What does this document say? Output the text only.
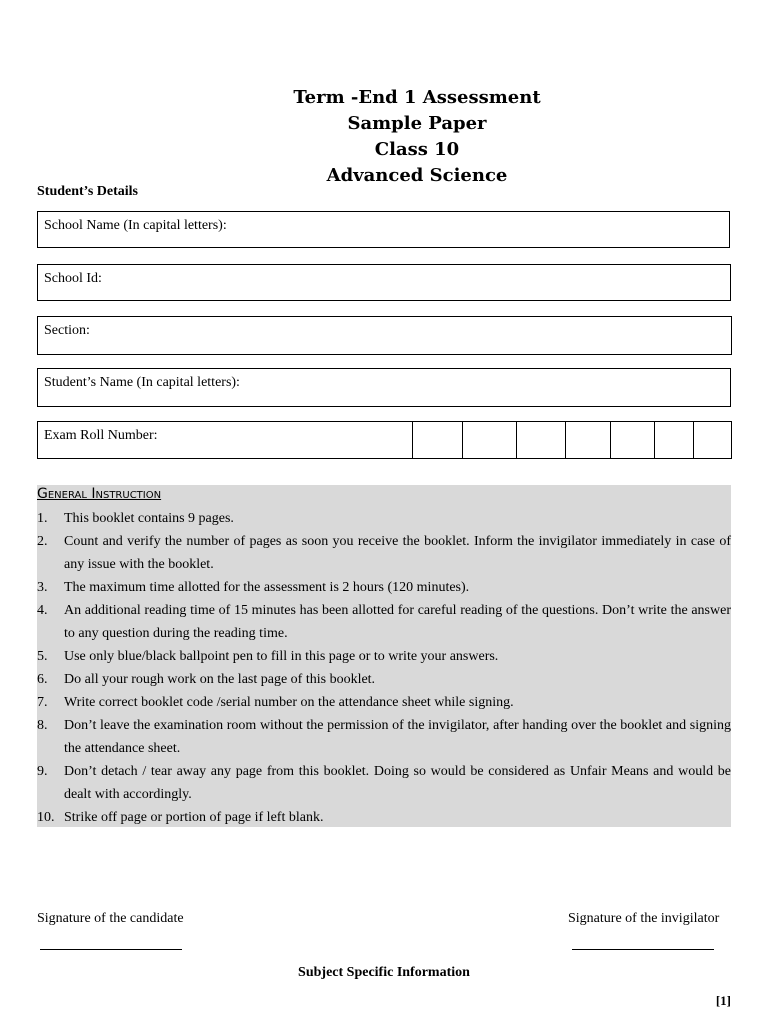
Term -End 1 Assessment
Sample Paper
Class 10
Advanced Science
Student’s Details
School Name (In capital letters):
School Id:
Section:
Student’s Name (In capital letters):
Exam Roll Number:
General Instruction
1. This booklet contains 9 pages.
2. Count and verify the number of pages as soon you receive the booklet. Inform the invigilator immediately in case of any issue with the booklet.
3. The maximum time allotted for the assessment is 2 hours (120 minutes).
4. An additional reading time of 15 minutes has been allotted for careful reading of the questions. Don’t write the answer to any question during the reading time.
5. Use only blue/black ballpoint pen to fill in this page or to write your answers.
6. Do all your rough work on the last page of this booklet.
7. Write correct booklet code /serial number on the attendance sheet while signing.
8. Don’t leave the examination room without the permission of the invigilator, after handing over the booklet and signing the attendance sheet.
9. Don’t detach / tear away any page from this booklet. Doing so would be considered as Unfair Means and would be dealt with accordingly.
10. Strike off page or portion of page if left blank.
Signature of the candidate	Signature of the invigilator
Subject Specific Information
[1]
